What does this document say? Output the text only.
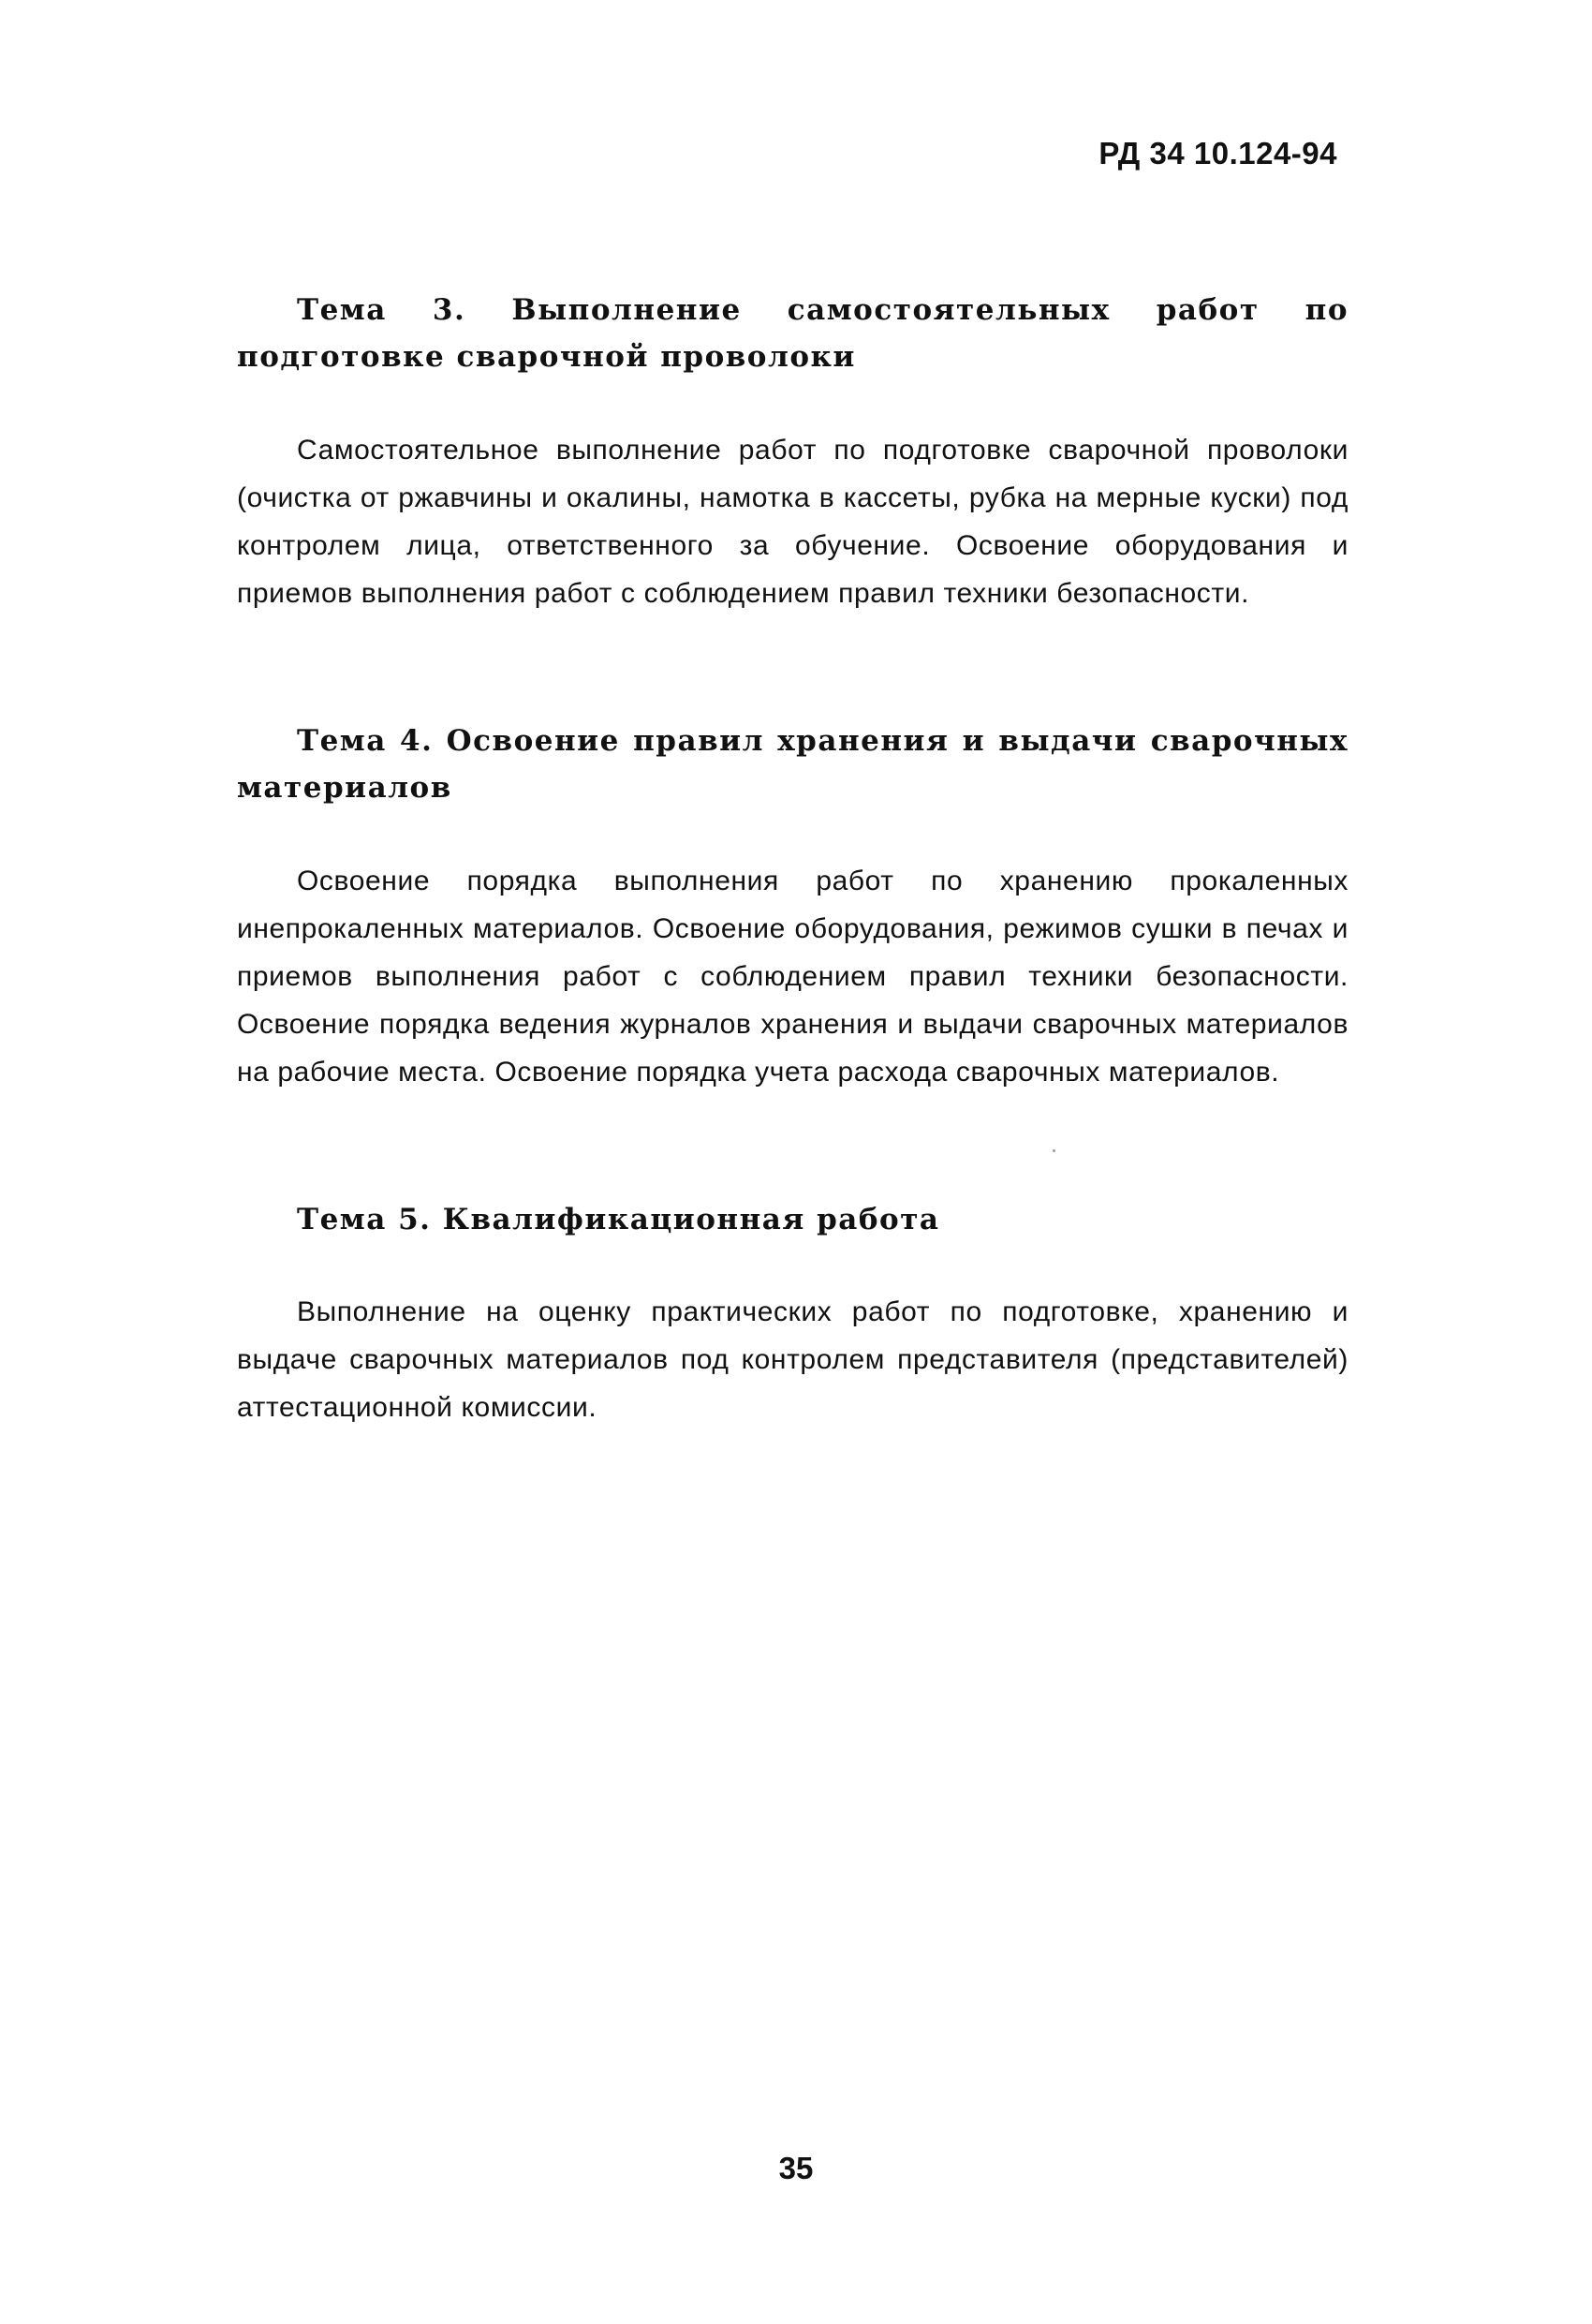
РД 34 10.124-94

Тема 3. Выполнение самостоятельных работ по подготовке сварочной проволоки

Самостоятельное выполнение работ по подготовке сварочной проволоки (очистка от ржавчины и окалины, намотка в кассеты, рубка на мерные куски) под контролем лица, ответственного за обучение. Освоение оборудования и приемов выполнения работ с соблюдением правил техники безопасности.

Тема 4. Освоение правил хранения и выдачи сварочных материалов

Освоение порядка выполнения работ по хранению прокаленных инепрокаленных материалов. Освоение оборудования, режимов сушки в печах и приемов выполнения работ с соблюдением правил техники безопасности. Освоение порядка ведения журналов хранения и выдачи сварочных материалов на рабочие места. Освоение порядка учета расхода сварочных материалов.

Тема 5. Квалификационная работа

Выполнение на оценку практических работ по подготовке, хранению и выдаче сварочных материалов под контролем представителя (представителей) аттестационной комиссии.

35
